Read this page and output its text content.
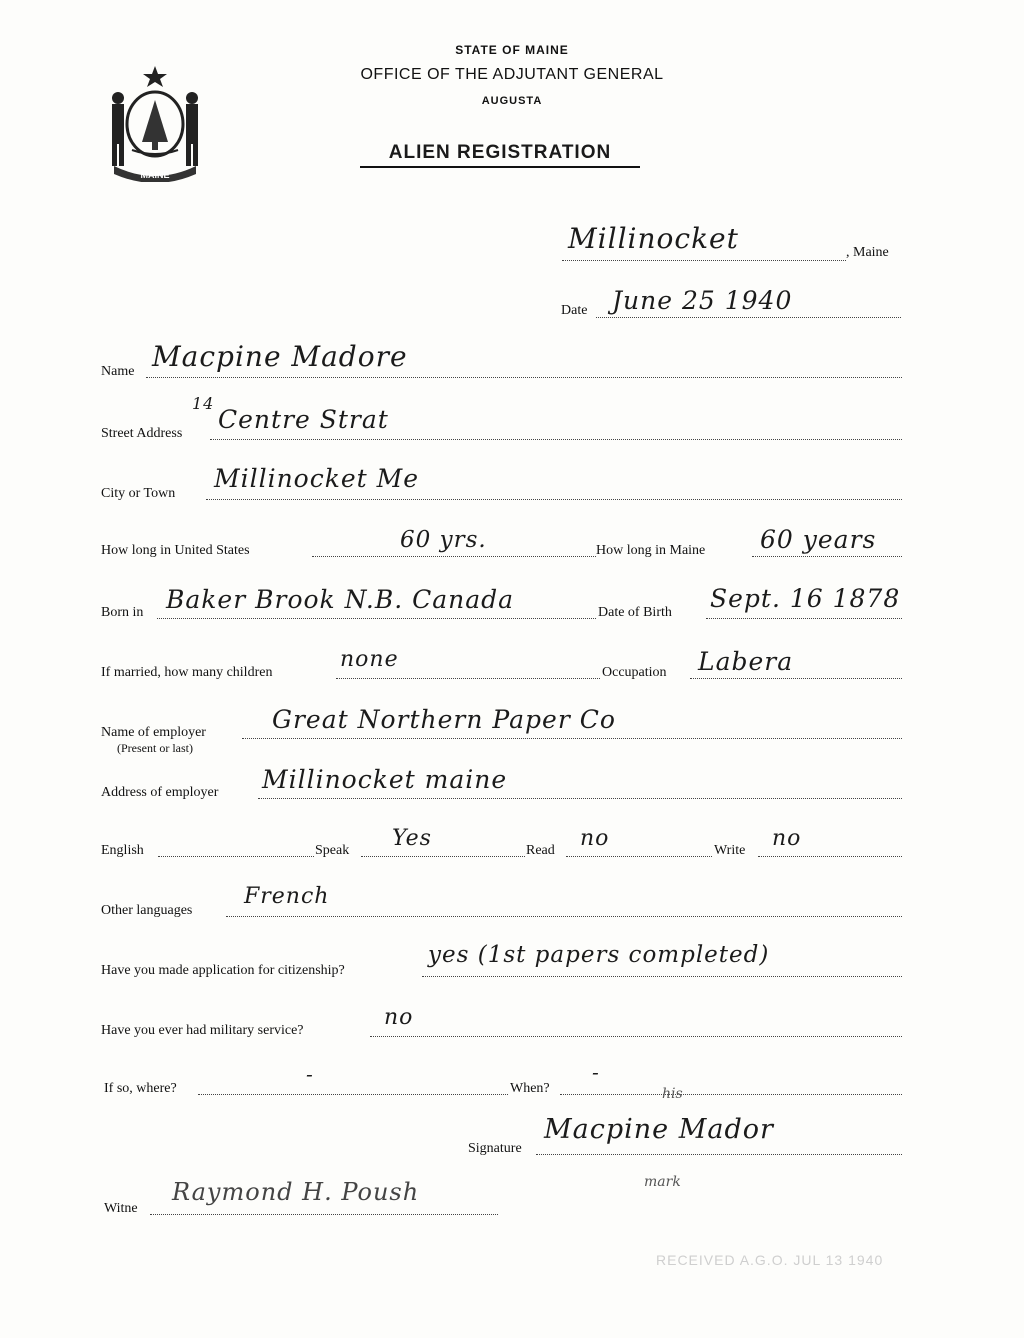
MAINE
STATE OF MAINE
OFFICE OF THE ADJUTANT GENERAL
AUGUSTA
ALIEN REGISTRATION
Millinocket	, Maine
Date June 25 1940
Name Macpine Madore
Street Address
14
Centre Strat
City or Town
Millinocket Me
How long in United States	60 yrs.	How long in Maine 60 years
Born in Baker Brook N.B. Canada	Date of Birth Sept. 16 1878
If married, how many children
none
Occupation Labera
Name of employer
(Present or last)
Great Northern Paper Co
Address of employer Millinocket maine
English	Speak Yes	Read no	Write no
Other languages
French
Have you made application for citizenship?
yes (1st papers completed)
Have you ever had military service?
no
If so, where?
-
When?
-
his
Signature
Macpine Mador
mark
Witne
Raymond H. Poush
RECEIVED A.G.O. JUL 13 1940
